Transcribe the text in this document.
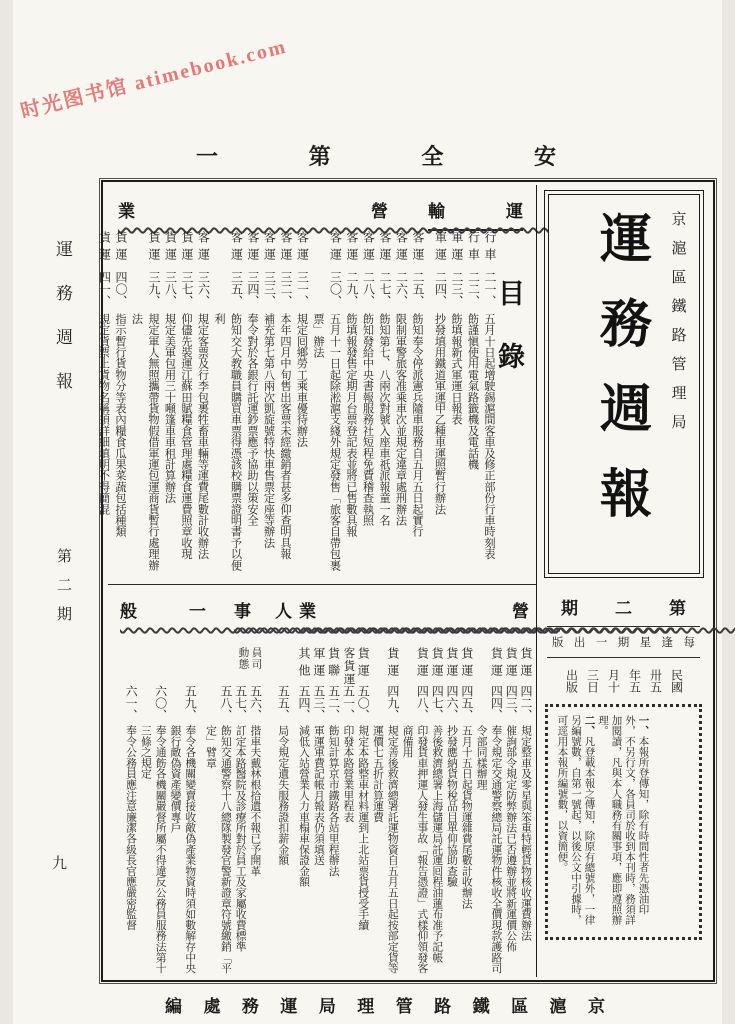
时光图书馆 atimebook.com
安
全
第
一
運
輸
營
業
目錄
行車
二一、
五月十日起增駛錫滬間客車及修正部份行車時刻表
行車
二二、
飭謹愼使用電氣路籤機及電話機
軍運
二三、
飭填報新式軍運日報表
軍運
二四、
抄發填用鐵道軍運甲乙種車運照暫行辦法
客運
二五、
飭知奉令停派憲兵隨車服務自五月五日起實行
客運
二六、
限制軍警旅客准乘車次並規定違章處刑辦法
客運
二七、
飭知第七、八兩次對號入座車祇派報童一名
客運
二八、
飭知發給中央書報服務社短程免費稽查執照
客運
二九、
飭填報發售定期月台票登記表並將已售數具報
客運
三〇、
五月十一日起除淞滬支綫外規定發售「旅客自帶包裹票」辦法
客運
三一、
規定囘鄉勞工乘車優待辦法
客運
三二、
本年四月中旬售出客票未經繳銷者甚多仰查明具報
客運
三三、
補充第七第八兩次凱旋號特快車售票定座等辦法
客運
三四、
奉令對於各銀行託運鈔票應予協助以策安全
客運
三五、
飭知交大教職員購買車票得憑該校購票證明書予以便利
客運
三六、
規定客票及行李包裹牲畜車輛等運費尾數計收辦法
貨運
三七、
仰儘先裝運江蘇田賦糧食管理處糧食運費照章收現
貨運
三八、
規定美軍包用三十噸篷車車租計算辦法
貨運
三九、
規定軍人無照攜帶貨物假借軍運包運商貨暫行處理辦法
貨運
四〇、
指示暫行貨物分等表內糧食瓜果菜蔬包括種類
貨運
四一、
規定貨票上貨物名稱須詳細填明不得簡混
營
業
人
事
一
般
貨運
四二、
規定整車及零星與笨重特輕貨物核收運費辦法
貨運
四三、
催詢部令規定防弊辦法已否遵辦並將新運價公佈
貨運
四四、
奉令規定交通警察總局託運物件核收全價現款護路司令部同樣辦理
貨運
四五、
五月十五日起貨物運雜費尾數計收辦法
貨運
四六、
抄發應納貨物稅品目單仰協助查驗
貨運
四七、
善後救濟總署上海儲運局託運囘程油蓮布准予記帳
貨運
四八、
印發貨車押運人發生事故「報告憑證」式樣仰領發客商備用
貨運
四九、
規定善後救濟總署託運物資自五月五日起按部定貨等運價七五折計算運費
貨運
五〇、
規定本路整車材料運到上北站票貨授受手續
客貨運
五一、
印發本路營業里程表
貨聯
五二、
飭知計算京市鐵路各站里程辦法
軍運
五三、
軍運軍費記帳月報表仍須填送
其他
五四、
減低入站營業人力車榻車保證金額
五五、
局令規定遺失服務證扣薪金額
員司動態
五六、
揩車夫戴林根拾遺不報已予開革
五七、
訂定本路醫院及診療所對於員工及家屬收費標準
五八、
飭知交通警察十八總隊製發官警新證章符號繳銷「平定」臂章
五九、
奉令各機關變賣接收敵偽產業物資時須如數解存中央銀行敵偽資產變價專戶
六〇、
奉令通飭各機關嚴督所屬不得違反公務員服務法第十三條之規定
六一、
奉令公務員應注意廉潔各級長官應嚴密監督
京滬區鐵路管理局
運務週報
第
二
期
每
逢
星
期
一
出
版
民國卅五年五月十三日出版
一、本報所登傳知，除有時間性者先憑油印外，不另行文，各員司於收到本刊時，務須詳加閱讀，凡與本人職務有關事項，應即遵照辦理。
二、凡登載本報之傳知，除原有總號外，一律另編號數，自第一號起，以後公文中引據時，可逕用本報所編號數，以資簡便。
運務週報
第二期
九
京
滬
區
鐵
路
管
理
局
運
務
處
編
